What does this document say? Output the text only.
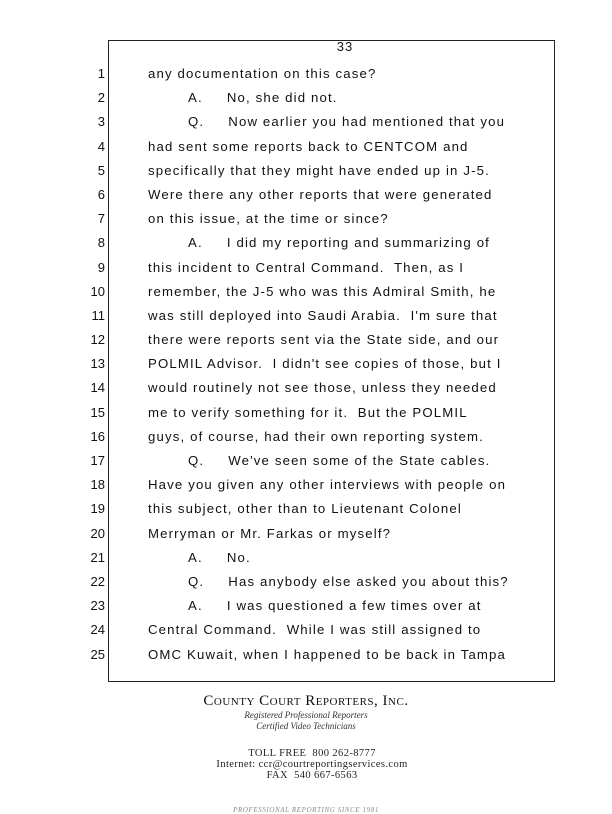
33
1	any documentation on this case?
2	A.     No, she did not.
3	Q.     Now earlier you had mentioned that you
4	had sent some reports back to CENTCOM and
5	specifically that they might have ended up in J-5.
6	Were there any other reports that were generated
7	on this issue, at the time or since?
8	A.     I did my reporting and summarizing of
9	this incident to Central Command.  Then, as I
10	remember, the J-5 who was this Admiral Smith, he
11	was still deployed into Saudi Arabia.  I'm sure that
12	there were reports sent via the State side, and our
13	POLMIL Advisor.  I didn't see copies of those, but I
14	would routinely not see those, unless they needed
15	me to verify something for it.  But the POLMIL
16	guys, of course, had their own reporting system.
17	Q.     We've seen some of the State cables.
18	Have you given any other interviews with people on
19	this subject, other than to Lieutenant Colonel
20	Merryman or Mr. Farkas or myself?
21	A.     No.
22	Q.     Has anybody else asked you about this?
23	A.     I was questioned a few times over at
24	Central Command.  While I was still assigned to
25	OMC Kuwait, when I happened to be back in Tampa
County Court Reporters, Inc.
Registered Professional Reporters
Certified Video Technicians

TOLL FREE  800 262-8777
Internet: ccr@courtreportingservices.com
FAX  540 667-6563

PROFESSIONAL REPORTING SINCE 1981
